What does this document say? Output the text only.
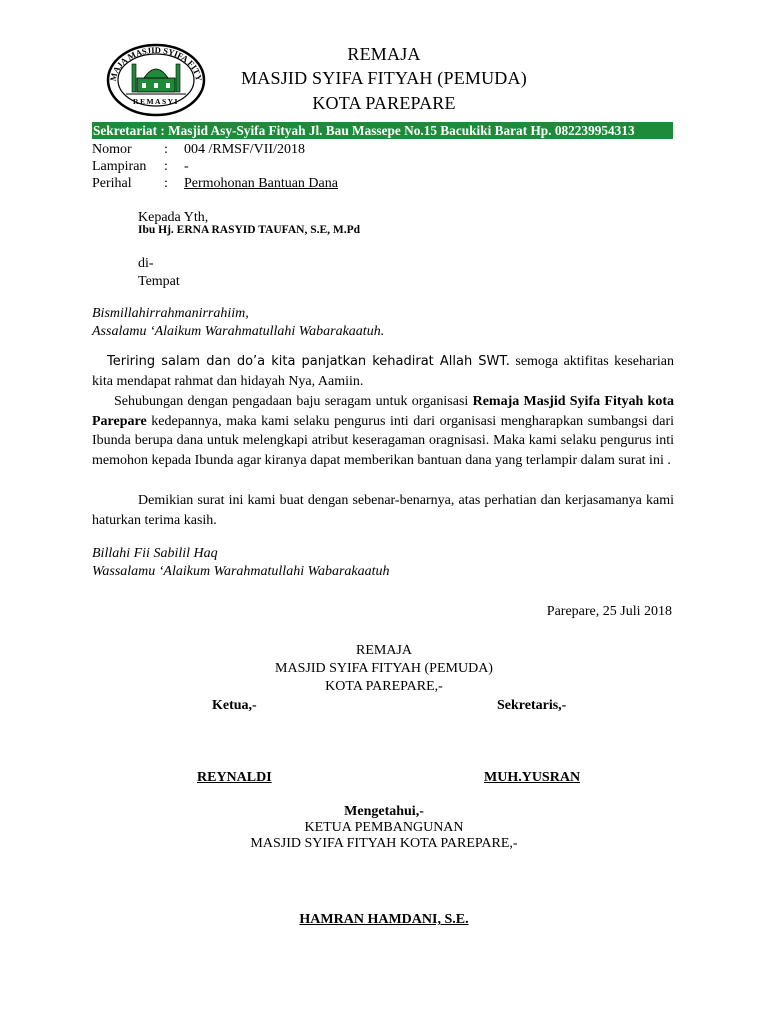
MAJA MASJID SYIFA FITY
REMASYI
REMAJA
MASJID SYIFA FITYAH (PEMUDA)
KOTA PAREPARE
Sekretariat : Masjid Asy-Syifa Fityah Jl. Bau Massepe No.15 Bacukiki Barat Hp. 082239954313
Nomor : 004 /RMSF/VII/2018
Lampiran : -
Perihal : Permohonan Bantuan Dana
Kepada Yth,
Ibu Hj. ERNA RASYID TAUFAN, S.E, M.Pd
di-
Tempat
Bismillahirrahmanirrahiim,
Assalamu ‘Alaikum Warahmatullahi Wabarakaatuh.
Teriring salam dan do’a kita panjatkan kehadirat Allah SWT. semoga aktifitas keseharian kita mendapat rahmat dan hidayah Nya, Aamiin.
Sehubungan dengan pengadaan baju seragam untuk organisasi Remaja Masjid Syifa Fityah kota Parepare kedepannya, maka kami selaku pengurus inti dari organisasi mengharapkan sumbangsi dari Ibunda berupa dana untuk melengkapi atribut keseragaman oragnisasi. Maka kami selaku pengurus inti memohon kepada Ibunda agar kiranya dapat memberikan bantuan dana yang terlampir dalam surat ini .
Demikian surat ini kami buat dengan sebenar-benarnya, atas perhatian dan kerjasamanya kami haturkan terima kasih.
Billahi Fii Sabilil Haq
Wassalamu ‘Alaikum Warahmatullahi Wabarakaatuh
Parepare, 25 Juli 2018
REMAJA
MASJID SYIFA FITYAH (PEMUDA)
KOTA PAREPARE,-
Ketua,-	Sekretaris,-
REYNALDI	MUH.YUSRAN
Mengetahui,-
KETUA PEMBANGUNAN
MASJID SYIFA FITYAH KOTA PAREPARE,-
HAMRAN HAMDANI, S.E.
